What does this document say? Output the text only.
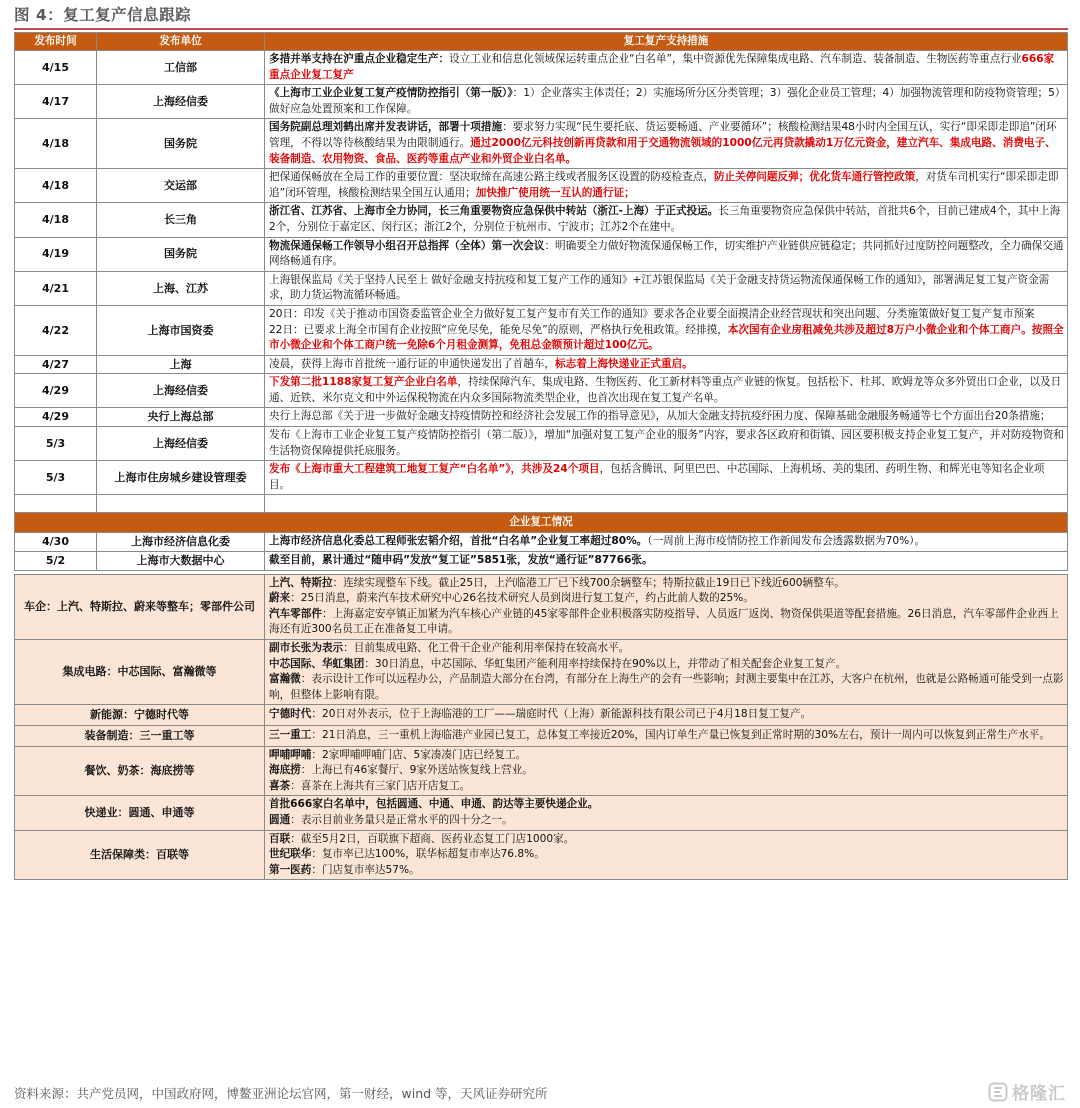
图 4：复工复产信息跟踪
发布时间	发布单位	复工复产支持措施
4/15	工信部	多措并举支持在沪重点企业稳定生产：设立工业和信息化领域保运转重点企业“白名单”，集中资源优先保障集成电路、汽车制造、装备制造、生物医药等重点行业666家重点企业复工复产
4/17	上海经信委	《上海市工业企业复工复产疫情防控指引（第一版）》：1）企业落实主体责任；2）实施场所分区分类管理；3）强化企业员工管理；4）加强物流管理和防疫物资管理；5）做好应急处置预案和工作保障。
4/18	国务院	国务院副总理刘鹤出席并发表讲话，部署十项措施：要求努力实现“民生要托底、货运要畅通、产业要循环”；核酸检测结果48小时内全国互认，实行“即采即走即追”闭环管理，不得以等待核酸结果为由限制通行。通过2000亿元科技创新再贷款和用于交通物流领域的1000亿元再贷款撬动1万亿元资金，建立汽车、集成电路、消费电子、装备制造、农用物资、食品、医药等重点产业和外贸企业白名单。
4/18	交运部	把保通保畅放在全局工作的重要位置：坚决取缔在高速公路主线或者服务区设置的防疫检查点，防止关停问题反弹；优化货车通行管控政策，对货车司机实行“即采即走即追”闭环管理，核酸检测结果全国互认通用；加快推广使用统一互认的通行证；
4/18	长三角	浙江省、江苏省、上海市全力协同，长三角重要物资应急保供中转站（浙江-上海）于正式投运。长三角重要物资应急保供中转站，首批共6个，目前已建成4个，其中上海2个，分别位于嘉定区、闵行区；浙江2个，分别位于杭州市、宁波市；江苏2个在建中。
4/19	国务院	物流保通保畅工作领导小组召开总指挥（全体）第一次会议：明确要全力做好物流保通保畅工作，切实维护产业链供应链稳定；共同抓好过度防控问题整改，全力确保交通网络畅通有序。
4/21	上海、江苏	上海银保监局《关于坚持人民至上 做好金融支持抗疫和复工复产工作的通知》+江苏银保监局《关于金融支持货运物流保通保畅工作的通知》，部署满足复工复产资金需求，助力货运物流循环畅通。
4/22	上海市国资委	20日：印发《关于推动市国资委监管企业全力做好复工复产复市有关工作的通知》要求各企业要全面摸清企业经营现状和突出问题、分类施策做好复工复产复市预案
22日：已要求上海全市国有企业按照“应免尽免，能免尽免”的原则，严格执行免租政策。经排摸，本次国有企业房租减免共涉及超过8万户小微企业和个体工商户。按照全市小微企业和个体工商户统一免除6个月租金测算，免租总金额预计超过100亿元。
4/27	上海	凌晨，获得上海市首批统一通行证的申通快递发出了首趟车，标志着上海快递业正式重启。
4/29	上海经信委	下发第二批1188家复工复产企业白名单，持续保障汽车、集成电路、生物医药、化工新材料等重点产业链的恢复。包括松下、杜邦、欧姆龙等众多外贸出口企业，以及日通、近铁、米尔克文和中外运保税物流在内众多国际物流类型企业，也首次出现在复工复产名单。
4/29	央行上海总部	央行上海总部《关于进一步做好金融支持疫情防控和经济社会发展工作的指导意见》，从加大金融支持抗疫纾困力度、保障基础金融服务畅通等七个方面出台20条措施；
5/3	上海经信委	发布《上海市工业企业复工复产疫情防控指引（第二版）》，增加“加强对复工复产企业的服务”内容，要求各区政府和街镇、园区要积极支持企业复工复产，并对防疫物资和生活物资保障提供托底服务。
5/3	上海市住房城乡建设管理委	发布《上海市重大工程建筑工地复工复产“白名单”》，共涉及24个项目，包括含腾讯、阿里巴巴、中芯国际、上海机场、美的集团、药明生物、和辉光电等知名企业项目。

企业复工情况		
4/30	上海市经济信息化委	上海市经济信息化委总工程师张宏韬介绍，首批“白名单”企业复工率超过80%。（一周前上海市疫情防控工作新闻发布会透露数据为70%）。
5/2	上海市大数据中心	截至目前，累计通过“随申码”发放“复工证”5851张，发放“通行证”87766张。
车企：上汽、特斯拉、蔚来等整车；零部件公司	上汽、特斯拉：连续实现整车下线。截止25日，上汽临港工厂已下线700余辆整车；特斯拉截止19日已下线近600辆整车。
蔚来：25日消息，蔚来汽车技术研究中心26名技术研究人员到岗进行复工复产，约占此前人数的25%。
汽车零部件：上海嘉定安亭镇正加紧为汽车核心产业链的45家零部件企业积极落实防疫指导、人员返厂返岗、物资保供渠道等配套措施。26日消息，汽车零部件企业西上海还有近300名员工正在准备复工申请。

集成电路：中芯国际、富瀚微等	副市长张为表示：目前集成电路、化工骨干企业产能利用率保持在较高水平。
中芯国际、华虹集团：30日消息，中芯国际、华虹集团产能利用率持续保持在90%以上，并带动了相关配套企业复工复产。
富瀚微：表示设计工作可以远程办公，产品制造大部分在台湾，有部分在上海生产的会有一些影响；封测主要集中在江苏，大客户在杭州，也就是公路畅通可能受到一点影响，但整体上影响有限。

新能源：宁德时代等	宁德时代：20日对外表示，位于上海临港的工厂——瑞庭时代（上海）新能源科技有限公司已于4月18日复工复产。

装备制造：三一重工等	三一重工：21日消息，三一重机上海临港产业园已复工，总体复工率接近20%，国内订单生产量已恢复到正常时期的30%左右，预计一周内可以恢复到正常生产水平。

餐饮、奶茶：海底捞等	呷哺呷哺：2家呷哺呷哺门店、5家凑凑门店已经复工。
海底捞：上海已有46家餐厅、9家外送站恢复线上营业。
喜茶：喜茶在上海共有三家门店开店复工。

快递业：圆通、申通等	首批666家白名单中，包括圆通、中通、申通、韵达等主要快递企业。
圆通：表示目前业务量只是正常水平的四十分之一。

生活保障类：百联等	百联：截至5月2日，百联旗下超商、医药业态复工门店1000家。
世纪联华：复市率已达100%，联华标超复市率达76.8%。
第一医药：门店复市率达57%。
资料来源：共产党员网，中国政府网，博鳌亚洲论坛官网，第一财经，wind 等，天风证券研究所	格隆汇
